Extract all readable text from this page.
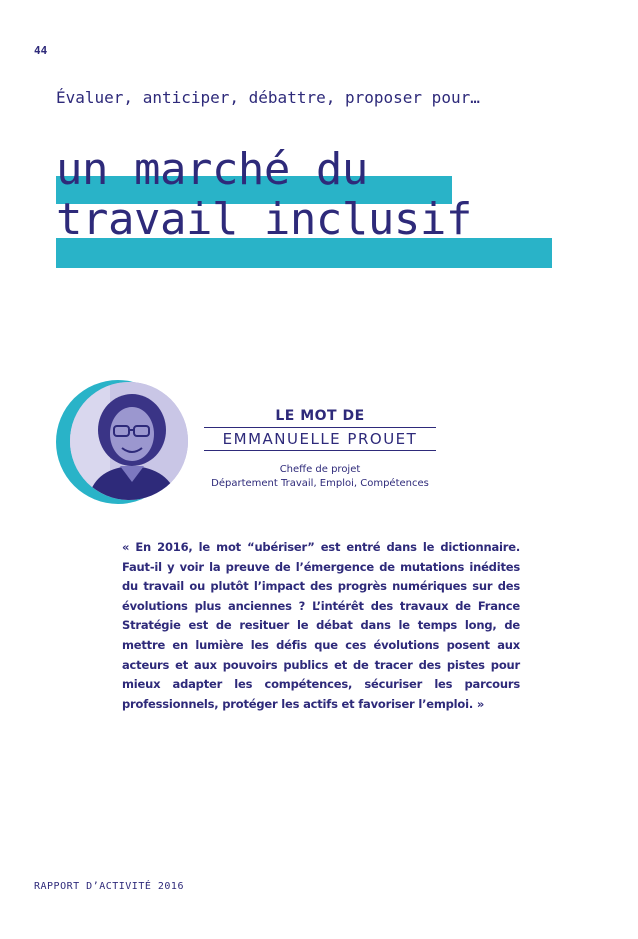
44
Évaluer, anticiper, débattre, proposer pour…
un marché du
travail inclusif
LE MOT DE
EMMANUELLE PROUET
Cheffe de projet
Département Travail, Emploi, Compétences
« En 2016, le mot “ubériser” est entré dans le dictionnaire. Faut-il y voir la preuve de l’émergence de mutations inédites du travail ou plutôt l’impact des progrès numériques sur des évolutions plus anciennes ? L’intérêt des travaux de France Stratégie est de resituer le débat dans le temps long, de mettre en lumière les défis que ces évolutions posent aux acteurs et aux pouvoirs publics et de tracer des pistes pour mieux adapter les compétences, sécuriser les parcours professionnels, protéger les actifs et favoriser l’emploi. »
RAPPORT D’ACTIVITÉ 2016
